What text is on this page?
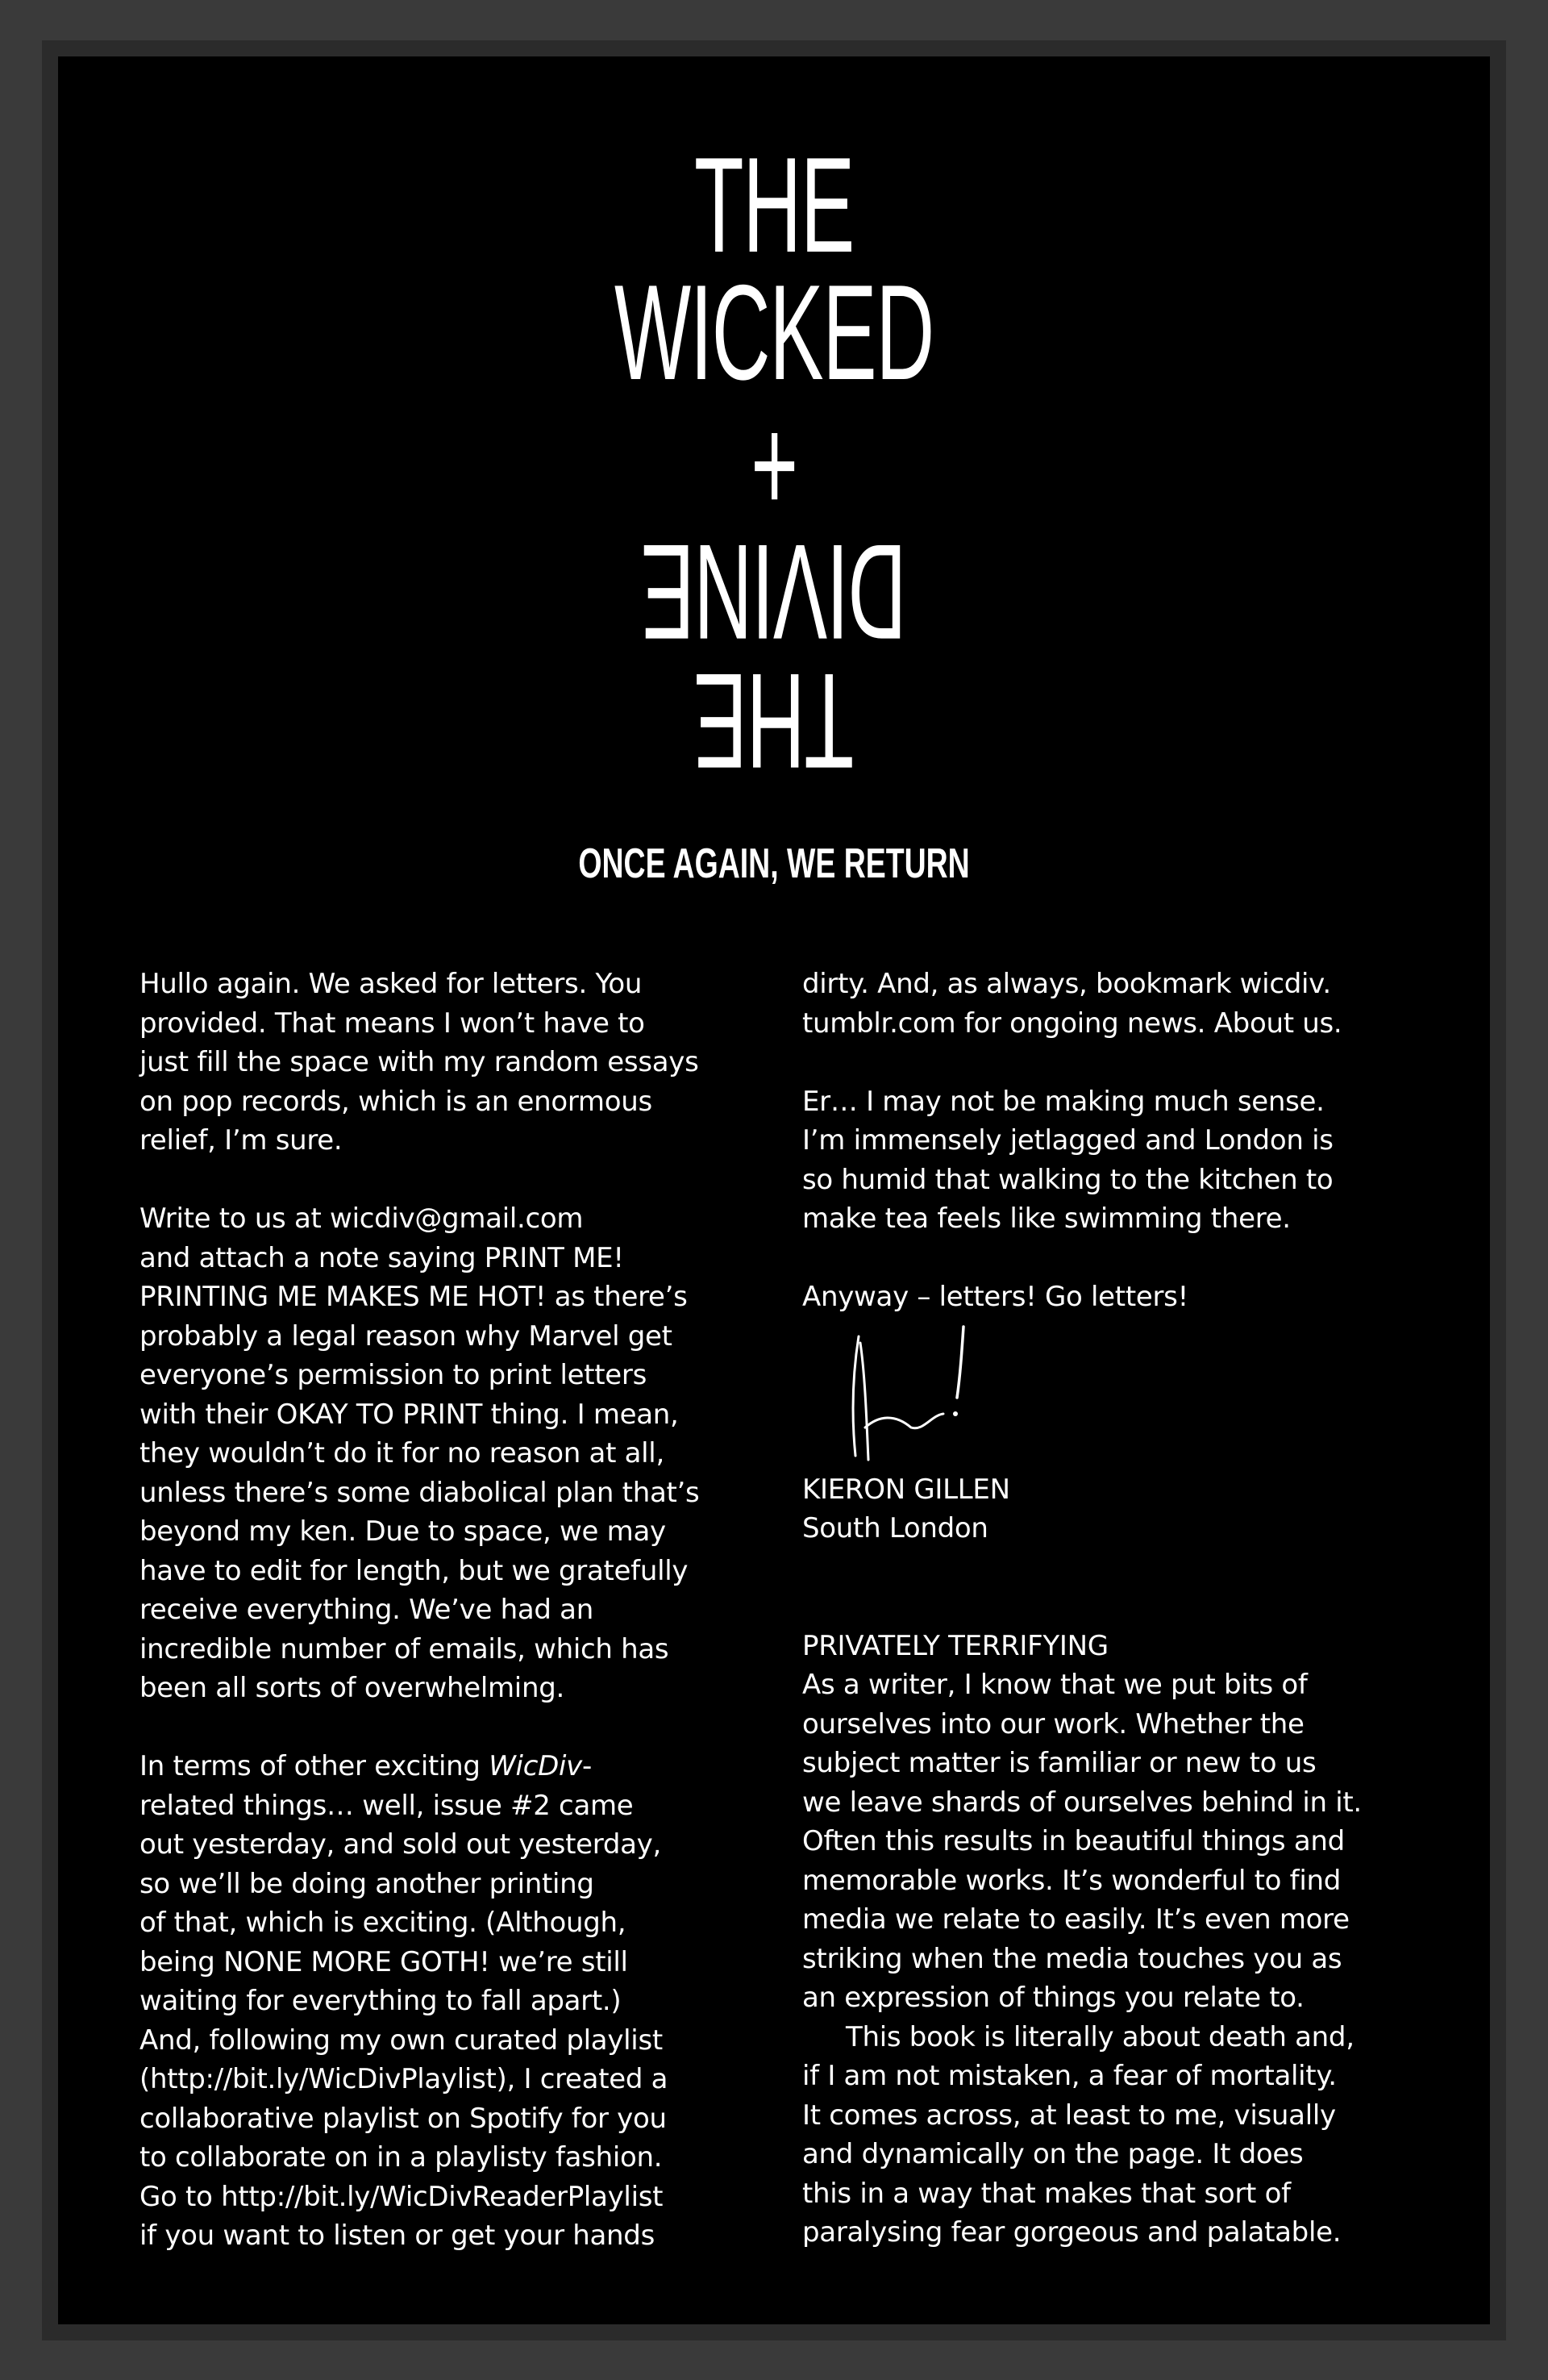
THE
WICKED
+
DIVINE
THE
ONCE AGAIN, WE RETURN

Hullo again. We asked for letters. You
provided. That means I won’t have to
just fill the space with my random essays
on pop records, which is an enormous
relief, I’m sure.

Write to us at wicdiv@gmail.com
and attach a note saying PRINT ME!
PRINTING ME MAKES ME HOT! as there’s
probably a legal reason why Marvel get
everyone’s permission to print letters
with their OKAY TO PRINT thing. I mean,
they wouldn’t do it for no reason at all,
unless there’s some diabolical plan that’s
beyond my ken. Due to space, we may
have to edit for length, but we gratefully
receive everything. We’ve had an
incredible number of emails, which has
been all sorts of overwhelming.

In terms of other exciting WicDiv-
related things… well, issue #2 came
out yesterday, and sold out yesterday,
so we’ll be doing another printing
of that, which is exciting. (Although,
being NONE MORE GOTH! we’re still
waiting for everything to fall apart.)
And, following my own curated playlist
(http://bit.ly/WicDivPlaylist), I created a
collaborative playlist on Spotify for you
to collaborate on in a playlisty fashion.
Go to http://bit.ly/WicDivReaderPlaylist
if you want to listen or get your hands

dirty. And, as always, bookmark wicdiv.
tumblr.com for ongoing news. About us.

Er… I may not be making much sense.
I’m immensely jetlagged and London is
so humid that walking to the kitchen to
make tea feels like swimming there.

Anyway – letters! Go letters!

KIERON GILLEN

South London

PRIVATELY TERRIFYING

As a writer, I know that we put bits of
ourselves into our work. Whether the
subject matter is familiar or new to us
we leave shards of ourselves behind in it.
Often this results in beautiful things and
memorable works. It’s wonderful to find
media we relate to easily. It’s even more
striking when the media touches you as
an expression of things you relate to.

This book is literally about death and,
if I am not mistaken, a fear of mortality.
It comes across, at least to me, visually
and dynamically on the page. It does
this in a way that makes that sort of
paralysing fear gorgeous and palatable.
